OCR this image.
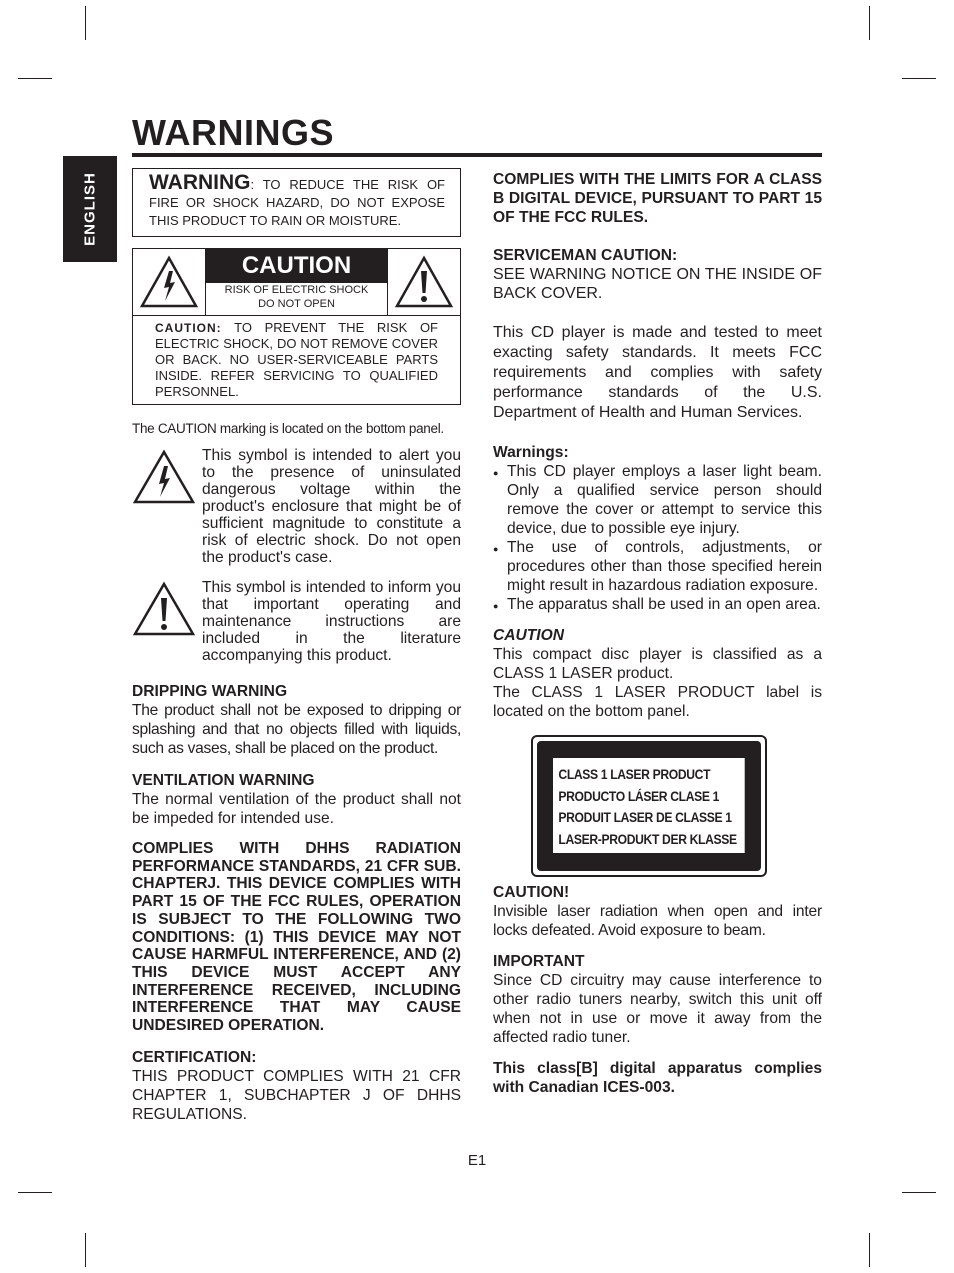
WARNINGS
ENGLISH	WARNING: TO REDUCE THE RISK OF FIRE OR SHOCK HAZARD, DO NOT EXPOSE THIS PRODUCT TO RAIN OR MOISTURE.
CAUTION
RISK OF ELECTRIC SHOCK
DO NOT OPEN
CAUTION: TO PREVENT THE RISK OF ELECTRIC SHOCK, DO NOT REMOVE COVER OR BACK. NO USER-SERVICEABLE PARTS INSIDE. REFER SERVICING TO QUALIFIED PERSONNEL.
The CAUTION marking is located on the bottom panel.
This symbol is intended to alert you to the presence of uninsulated dangerous voltage within the product's enclosure that might be of sufficient magnitude to constitute a risk of electric shock. Do not open the product's case.
This symbol is intended to inform you that important operating and maintenance instructions are included in the literature accompanying this product.
DRIPPING WARNING

The product shall not be exposed to dripping or splashing and that no objects filled with liquids, such as vases, shall be placed on the product.

VENTILATION WARNING

The normal ventilation of the product shall not be impeded for intended use.

COMPLIES WITH DHHS RADIATION PERFORMANCE STANDARDS, 21 CFR SUB. CHAPTERJ. THIS DEVICE COMPLIES WITH PART 15 OF THE FCC RULES, OPERATION IS SUBJECT TO THE FOLLOWING TWO CONDITIONS: (1) THIS DEVICE MAY NOT CAUSE HARMFUL INTERFERENCE, AND (2) THIS DEVICE MUST ACCEPT ANY INTERFERENCE RECEIVED, INCLUDING INTERFERENCE THAT MAY CAUSE UNDESIRED OPERATION.
CERTIFICATION:

THIS PRODUCT COMPLIES WITH 21 CFR CHAPTER 1, SUBCHAPTER J OF DHHS REGULATIONS.

COMPLIES WITH THE LIMITS FOR A CLASS B DIGITAL DEVICE, PURSUANT TO PART 15 OF THE FCC RULES.
SERVICEMAN CAUTION:

SEE WARNING NOTICE ON THE INSIDE OF BACK COVER.

This CD player is made and tested to meet exacting safety standards. It meets FCC requirements and complies with safety performance standards of the U.S. Department of Health and Human Services.
Warnings:
● This CD player employs a laser light beam. Only a qualified service person should remove the cover or attempt to service this device, due to possible eye injury.
● The use of controls, adjustments, or procedures other than those specified herein might result in hazardous radiation exposure.
● The apparatus shall be used in an open area.
CAUTION

This compact disc player is classified as a CLASS 1 LASER product.

The CLASS 1 LASER PRODUCT label is located on the bottom panel.

CLASS 1 LASER PRODUCT
PRODUCTO LÁSER CLASE 1
PRODUIT LASER DE CLASSE 1
LASER-PRODUKT DER KLASSE 1
CAUTION!

Invisible laser radiation when open and inter locks defeated. Avoid exposure to beam.

IMPORTANT

Since CD circuitry may cause interference to other radio tuners nearby, switch this unit off when not in use or move it away from the affected radio tuner.

This class[B] digital apparatus complies with Canadian ICES-003.
E1
